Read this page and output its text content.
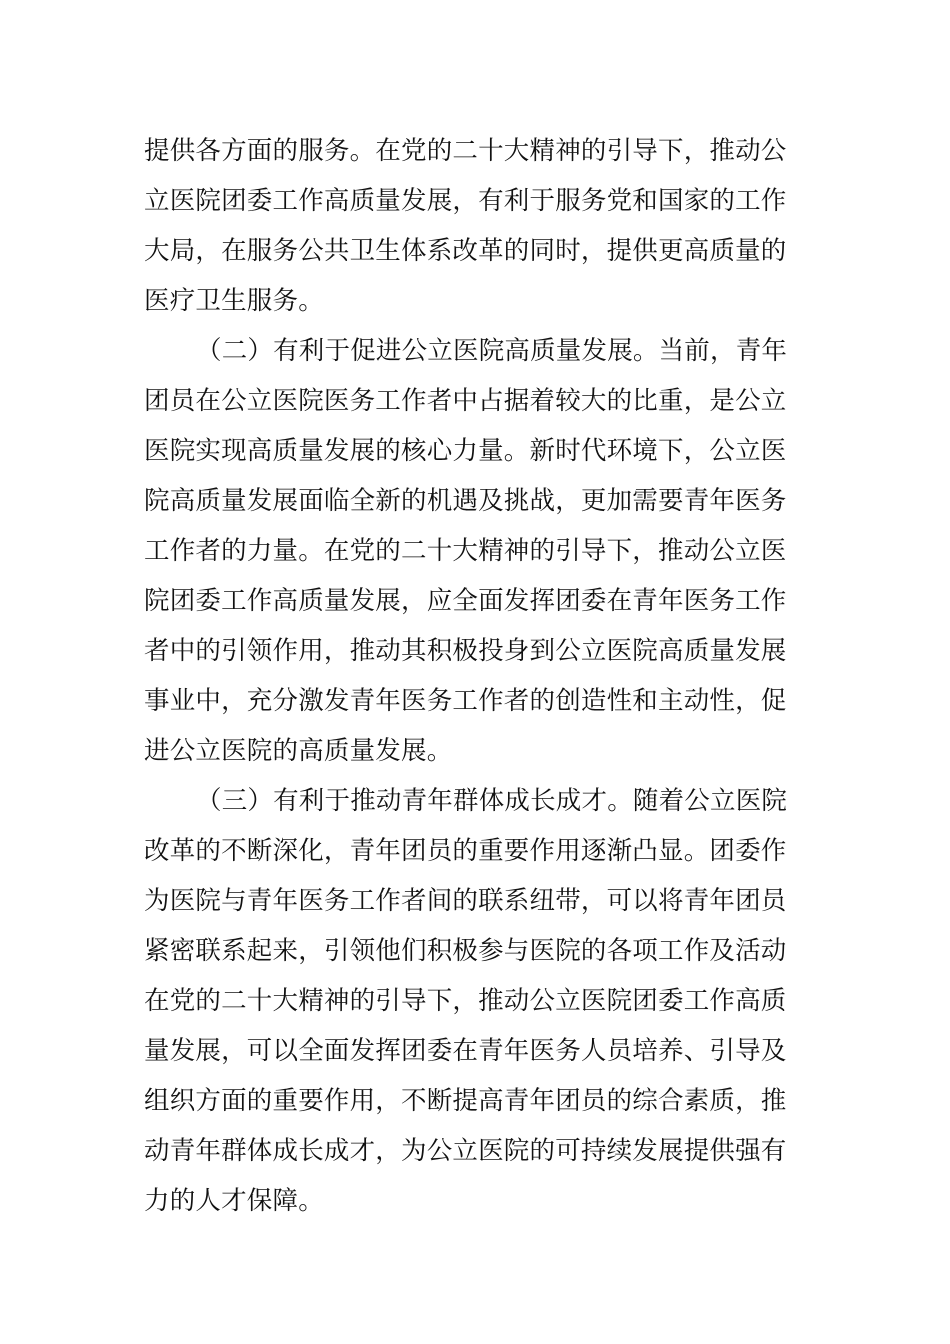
提供各方面的服务。在党的二十大精神的引导下，推动公
立医院团委工作高质量发展，有利于服务党和国家的工作
大局，在服务公共卫生体系改革的同时，提供更高质量的
医疗卫生服务。
（二）有利于促进公立医院高质量发展。当前，青年
团员在公立医院医务工作者中占据着较大的比重，是公立
医院实现高质量发展的核心力量。新时代环境下，公立医
院高质量发展面临全新的机遇及挑战，更加需要青年医务
工作者的力量。在党的二十大精神的引导下，推动公立医
院团委工作高质量发展，应全面发挥团委在青年医务工作
者中的引领作用，推动其积极投身到公立医院高质量发展
事业中，充分激发青年医务工作者的创造性和主动性，促
进公立医院的高质量发展。
（三）有利于推动青年群体成长成才。随着公立医院
改革的不断深化，青年团员的重要作用逐渐凸显。团委作
为医院与青年医务工作者间的联系纽带，可以将青年团员
紧密联系起来，引领他们积极参与医院的各项工作及活动
在党的二十大精神的引导下，推动公立医院团委工作高质
量发展，可以全面发挥团委在青年医务人员培养、引导及
组织方面的重要作用，不断提高青年团员的综合素质，推
动青年群体成长成才，为公立医院的可持续发展提供强有
力的人才保障。
